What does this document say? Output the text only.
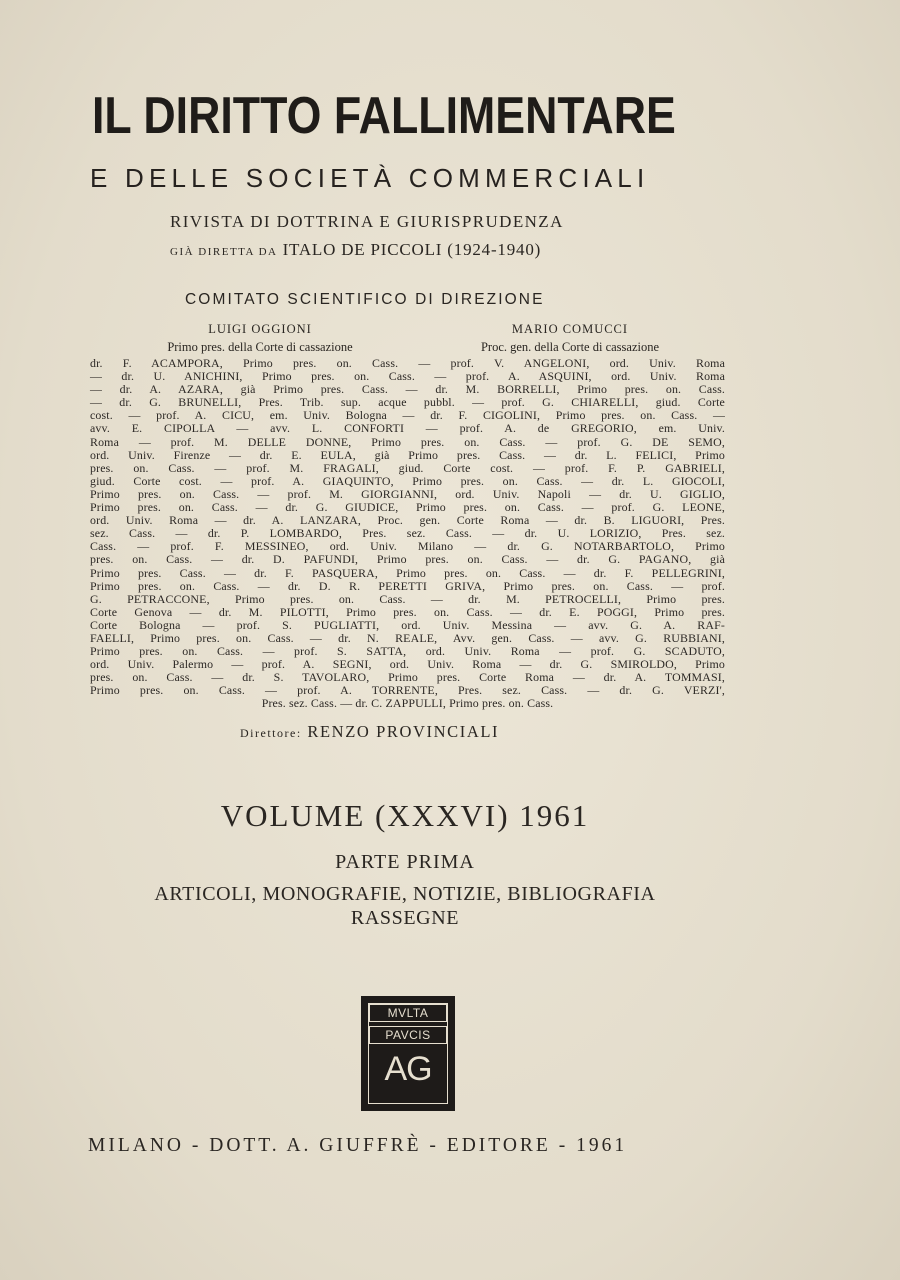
IL DIRITTO FALLIMENTARE
E DELLE SOCIETÀ COMMERCIALI
RIVISTA DI DOTTRINA E GIURISPRUDENZA
GIÀ DIRETTA DA ITALO DE PICCOLI (1924-1940)
COMITATO SCIENTIFICO DI DIREZIONE
LUIGI OGGIONI
Primo pres. della Corte di cassazione
MARIO COMUCCI
Proc. gen. della Corte di cassazione
dr. F. ACAMPORA, Primo pres. on. Cass. — prof. V. ANGELONI, ord. Univ. Roma
— dr. U. ANICHINI, Primo pres. on. Cass. — prof. A. ASQUINI, ord. Univ. Roma
— dr. A. AZARA, già Primo pres. Cass. — dr. M. BORRELLI, Primo pres. on. Cass.
— dr. G. BRUNELLI, Pres. Trib. sup. acque pubbl. — prof. G. CHIARELLI, giud. Corte
cost. — prof. A. CICU, em. Univ. Bologna — dr. F. CIGOLINI, Primo pres. on. Cass. —
avv. E. CIPOLLA — avv. L. CONFORTI — prof. A. de GREGORIO, em. Univ.
Roma — prof. M. DELLE DONNE, Primo pres. on. Cass. — prof. G. DE SEMO,
ord. Univ. Firenze — dr. E. EULA, già Primo pres. Cass. — dr. L. FELICI, Primo
pres. on. Cass. — prof. M. FRAGALI, giud. Corte cost. — prof. F. P. GABRIELI,
giud. Corte cost. — prof. A. GIAQUINTO, Primo pres. on. Cass. — dr. L. GIOCOLI,
Primo pres. on. Cass. — prof. M. GIORGIANNI, ord. Univ. Napoli — dr. U. GIGLIO,
Primo pres. on. Cass. — dr. G. GIUDICE, Primo pres. on. Cass. — prof. G. LEONE,
ord. Univ. Roma — dr. A. LANZARA, Proc. gen. Corte Roma — dr. B. LIGUORI, Pres.
sez. Cass. — dr. P. LOMBARDO, Pres. sez. Cass. — dr. U. LORIZIO, Pres. sez.
Cass. — prof. F. MESSINEO, ord. Univ. Milano — dr. G. NOTARBARTOLO, Primo
pres. on. Cass. — dr. D. PAFUNDI, Primo pres. on. Cass. — dr. G. PAGANO, già
Primo pres. Cass. — dr. F. PASQUERA, Primo pres. on. Cass. — dr. F. PELLEGRINI,
Primo pres. on. Cass. — dr. D. R. PERETTI GRIVA, Primo pres. on. Cass. — prof.
G. PETRACCONE, Primo pres. on. Cass. — dr. M. PETROCELLI, Primo pres.
Corte Genova — dr. M. PILOTTI, Primo pres. on. Cass. — dr. E. POGGI, Primo pres.
Corte Bologna — prof. S. PUGLIATTI, ord. Univ. Messina — avv. G. A. RAF-
FAELLI, Primo pres. on. Cass. — dr. N. REALE, Avv. gen. Cass. — avv. G. RUBBIANI,
Primo pres. on. Cass. — prof. S. SATTA, ord. Univ. Roma — prof. G. SCADUTO,
ord. Univ. Palermo — prof. A. SEGNI, ord. Univ. Roma — dr. G. SMIROLDO, Primo
pres. on. Cass. — dr. S. TAVOLARO, Primo pres. Corte Roma — dr. A. TOMMASI,
Primo pres. on. Cass. — prof. A. TORRENTE, Pres. sez. Cass. — dr. G. VERZI',
Pres. sez. Cass. — dr. C. ZAPPULLI, Primo pres. on. Cass.
Direttore: RENZO PROVINCIALI
VOLUME (XXXVI) 1961
PARTE PRIMA
ARTICOLI, MONOGRAFIE, NOTIZIE, BIBLIOGRAFIA
RASSEGNE
MVLTA
PAVCIS
AG
MILANO - DOTT. A. GIUFFRÈ - EDITORE - 1961
